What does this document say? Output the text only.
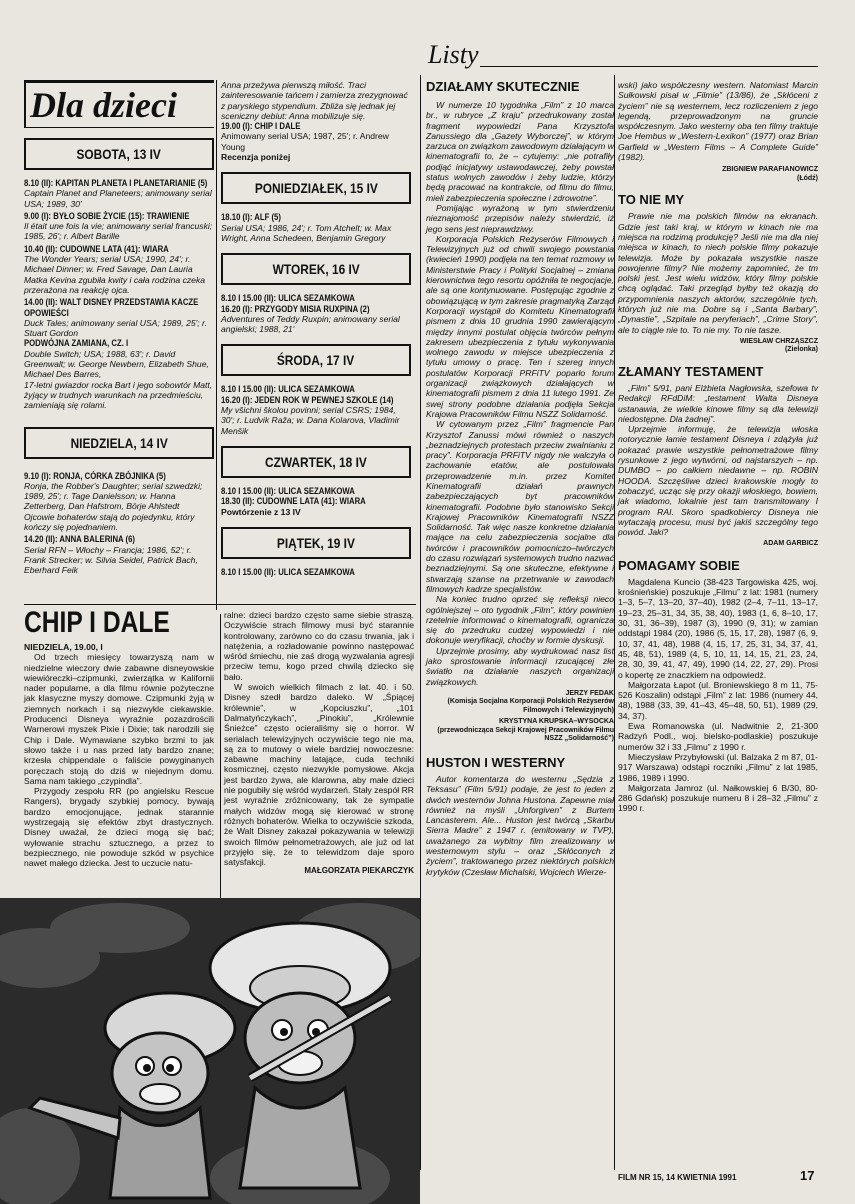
Listy
Dla dzieci
SOBOTA, 13 IV
8.10 (II): KAPITAN PLANETA I PLANETARIANIE (5)
Captain Planet and Planeteers; animowany serial USA; 1989, 30'
9.00 (I): BYŁO SOBIE ŻYCIE (15): TRAWIENIE
Il était une fois la vie; animowany serial francuski; 1985, 26'; r. Albert Barille
10.40 (II): CUDOWNE LATA (41): WIARA
The Wonder Years; serial USA; 1990, 24'; r. Michael Dinner; w. Fred Savage, Dan Lauria
Matka Kevina zgubiła kwity i cała rodzina czeka przerażona na reakcję ojca.
14.00 (II): WALT DISNEY PRZEDSTAWIA KACZE OPOWIEŚCI
Duck Tales; animowany serial USA; 1989, 25'; r. Stuart Gordon
PODWÓJNA ZAMIANA, CZ. I
Double Switch; USA; 1988, 63'; r. David Greenwalt; w. George Newbern, Elizabeth Shue, Michael Des Barres,
17-letni gwiazdor rocka Bart i jego sobowtór Matt, żyjący w trudnych warunkach na przedmieściu, zamieniają się rolami.
NIEDZIELA, 14 IV
9.10 (I): RONJA, CÓRKA ZBÓJNIKA (5)
Ronja, the Robber's Daughter; serial szwedzki; 1989, 25'; r. Tage Danielsson; w. Hanna Zetterberg, Dan Hafstrom, Börje Ahlstedt
Ojcowie bohaterów stają do pojedynku, który kończy się pojednaniem.
14.20 (II): ANNA BALERINA (6)
Serial RFN – Włochy – Francja; 1986, 52'; r. Frank Strecker; w. Silvia Seidel, Patrick Bach, Eberhard Feik
Anna przeżywa pierwszą miłość. Traci zainteresowanie tańcem i zamierza zrezygnować z paryskiego stypendium. Zbliża się jednak jej sceniczny debiut: Anna mobilizuje się.
19.00 (I): CHIP I DALE
Animowany serial USA; 1987, 25'; r. Andrew Young
Recenzja poniżej
PONIEDZIAŁEK, 15 IV
18.10 (I): ALF (5)
Serial USA; 1986, 24'; r. Tom Atchelt; w. Max Wright, Anna Schedeen, Benjamin Gregory
WTOREK, 16 IV
8.10 I 15.00 (II): ULICA SEZAMKOWA
16.20 (I): PRZYGODY MISIA RUXPINA (2)
Adventures of Teddy Ruxpin; animowany serial angielski; 1988, 21'
ŚRODA, 17 IV
8.10 I 15.00 (II): ULICA SEZAMKOWA
16.20 (I): JEDEN ROK W PEWNEJ SZKOLE (14)
My všichni školou povinni; serial CSRS; 1984, 30'; r. Ludvik Raža; w. Dana Kolarova, Vladimir Menšik
CZWARTEK, 18 IV
8.10 I 15.00 (II): ULICA SEZAMKOWA
18.30 (II): CUDOWNE LATA (41): WIARA
Powtórzenie z 13 IV
PIĄTEK, 19 IV
8.10 I 15.00 (II): ULICA SEZAMKOWA
CHIP I DALE
NIEDZIELA, 19.00, I

Od trzech miesięcy towarzyszą nam w niedzielne wieczory dwie zabawne disneyowskie wiewióreczki–czipmunki, zwierzątka w Kalifornii nader popularne, a dla filmu równie pożyteczne jak klasyczne myszy domowe. Czipmunki żyją w ziemnych norkach i są niezwykle ciekawskie. Producenci Disneya wyraźnie pozazdrościli Warnerowi myszek Pixie i Dixie; tak narodzili się Chip i Dale. Wymawiane szybko brzmi to jak słowo także i u nas przed laty bardzo znane; krzesła chippendale o faliście powyginanych poręczach stoją do dziś w niejednym domu. Sama nam takiego „czypindla”.

Przygody zespołu RR (po angielsku Rescue Rangers), brygady szybkiej pomocy, bywają bardzo emocjonujące, jednak starannie wystrzegają się efektów zbyt drastycznych. Disney uważał, że dzieci mogą się bać; wyłowanie strachu sztucznego, a przez to bezpiecznego, nie powoduje szkód w psychice nawet małego dziecka. Jest to uczucie natu-

ralne: dzieci bardzo często same siebie straszą. Oczywiście strach filmowy musi być starannie kontrolowany, zarówno co do czasu trwania, jak i natężenia, a rozładowanie powinno następować wśród śmiechu, nie zaś drogą wyzwalania agresji przeciw temu, kogo przed chwilą dziecko się bało.

W swoich wielkich filmach z lat. 40. i 50. Disney szedł bardzo daleko. W „Śpiącej królewnie”, w „Kopciuszku”, „101 Dalmatyńczykach”, „Pinokiu”, „Królewnie Śnieżce” często ocieraliśmy się o horror. W serialach telewizyjnych oczywiście tego nie ma, są za to mutowy o wiele bardziej nowoczesne: zabawne machiny latające, cuda techniki kosmicznej, często niezwykle pomysłowe. Akcja jest bardzo żywa, ale klarowna, aby małe dzieci nie pogubiły się wśród wydarzeń. Stały zespół RR jest wyraźnie zróżnicowany, tak że sympatie małych widzów mogą się kierować w stronę różnych bohaterów. Wielka to oczywiście szkoda, że Walt Disney zakazał pokazywania w telewizji swoich filmów pełnometrażowych, ale już od lat przyjęło się, że to telewidzom daje sporo satysfakcji.

MAŁGORZATA PIEKARCZYK
DZIAŁAMY SKUTECZNIE

W numerze 10 tygodnika „Film” z 10 marca br., w rubryce „Z kraju” przedrukowany został fragment wypowiedzi Pana Krzysztofa Zanussiego dla „Gazety Wyborczej”, w którym zarzuca on związkom zawodowym działającym w kinematografii to, że – cytujemy: „nie potrafiły podjąć inicjatywy ustawodawczej, żeby powstał status wolnych zawodów i żeby ludzie, którzy będą pracować na kontrakcie, od filmu do filmu, mieli zabezpieczenia społeczne i zdrowotne”.

Pomijając wyrażoną w tym stwierdzeniu nieznajomość przepisów należy stwierdzić, iż jego sens jest nieprawdziwy.

Korporacja Polskich Reżyserów Filmowych i Telewizyjnych już od chwili swojego powstania (kwiecień 1990) podjęła na ten temat rozmowy w Ministerstwie Pracy i Polityki Socjalnej – zmiana kierownictwa tego resortu opóźniła te negocjacje, ale są one kontynuowane. Postępując zgodnie z obowiązującą w tym zakresie pragmatyką Zarząd Korporacji wystąpił do Komitetu Kinematografii pismem z dnia 10 grudnia 1990 zawierającym między innymi postulat objęcia twórców pełnym zakresem ubezpieczenia z tytułu wykonywania wolnego zawodu w miejsce ubezpieczenia z tytułu umowy o pracę. Ten i szereg innych postulatów Korporacji PRFiTV poparło forum organizacji związkowych działających w kinematografii pismem z dnia 11 lutego 1991. Ze swej strony podobne działania podjęła Sekcja Krajowa Pracowników Filmu NSZZ Solidarność.

W cytowanym przez „Film” fragmencie Pan Krzysztof Zanussi mówi również o naszych „beznadziejnych protestach przeciw zwalnianiu z pracy”. Korporacja PRFiTV nigdy nie walczyła o zachowanie etatów, ale postulowała przeprowadzenie m.in. przez Komitet Kinematografii działań prawnych zabezpieczających byt pracowników kinematografii. Podobne było stanowisko Sekcji Krajowej Pracowników Kinematografii NSZZ Solidarność. Tak więc nasze konkretne działania mające na celu zabezpieczenia socjalne dla twórców i pracowników pomocniczo–twórczych do czasu rozwiązań systemowych trudno nazwać beznadziejnymi. Są one skuteczne, efektywne i stwarzają szanse na przetrwanie w zawodach filmowych kadrze specjalistów.

Na koniec trudno oprzeć się refleksji nieco ogólniejszej – oto tygodnik „Film”, który powinien rzetelnie informować o kinematografii, ogranicza się do przedruku cudzej wypowiedzi i nie dokonuje weryfikacji, choćby w formie dyskusji.

Uprzejmie prosimy, aby wydrukować nasz list jako sprostowanie informacji rzucającej złe światło na działanie naszych organizacji związkowych.

JERZY FEDAK
(Komisja Socjalna Korporacji Polskich Reżyserów Filmowych i Telewizyjnych)
KRYSTYNA KRUPSKA–WYSOCKA
(przewodnicząca Sekcji Krajowej Pracowników Filmu NSZZ „Solidarność”)
HUSTON I WESTERNY

Autor komentarza do westernu „Sędzia z Teksasu” (Film 5/91) podaje, że jest to jeden z dwóch westernów Johna Hustona. Zapewne miał również na myśli „Unforgiven” z Burtem Lancasterem. Ale... Huston jest twórcą „Skarbu Sierra Madre” z 1947 r. (emitowany w TVP), uważanego za wybitny film zrealizowany w westernowym stylu – oraz „Skłóconych z życiem”, traktowanego przez niektórych polskich krytyków (Czesław Michalski, Wojciech Wierze-

wski) jako współczesny western. Natomiast Marcin Sułkowski pisał w „Filmie” (13/86), że „Skłóceni z życiem” nie są westernem, lecz rozliczeniem z jego legendą, przeprowadzonym na gruncie współczesnym. Jako westerny oba ten filmy traktuje Joe Hembus w „Western-Lexikon” (1977) oraz Brian Garfield w „Western Films – A Complete Guide” (1982).

ZBIGNIEW PARAFIANOWICZ
(Łódź)
TO NIE MY

Prawie nie ma polskich filmów na ekranach. Gdzie jest taki kraj, w którym w kinach nie ma miejsca na rodzimą produkcję? Jeśli nie ma dla niej miejsca w kinach, to niech polskie filmy pokazuje telewizja. Może by pokazała wszystkie nasze powojenne filmy? Nie możemy zapomnieć, że tm polski jest. Jest wielu widzów, który filmy polskie chcą oglądać. Taki przegląd byłby też okazją do przypomnienia naszych aktorów, szczególnie tych, których już nie ma. Dobre są i „Santa Barbary”, „Dynastie”, „Szpitale na peryferiach”, „Crime Story”, ale to ciągle nie to. To nie my. To nie tasze.

WIESŁAW CHRZĄSZCZ
(Zielonka)
ZŁAMANY TESTAMENT

„Film” 5/91, pani Elżbieta Nagłowska, szefowa tv Redakcji RFdDiM: „testament Walta Disneya ustanawia, że wielkie kinowe filmy są dla telewizji niedostępne. Dla żadnej”.

Uprzejmie informuję, że telewizja włoska notorycznie łamie testament Disneya i zdążyła już pokazać prawie wszystkie pełnometrażowe filmy rysunkowe z jego wytwórni, od najstarszych – np. DUMBO – po całkiem niedawne – np. ROBIN HOODA. Szczęśliwe dzieci krakowskie mogły to zobaczyć, ucząc się przy okazji włoskiego, bowiem, jak wiadomo, lokalnie jest tam transmitowany I program RAI. Skoro spadkobiercy Disneya nie wytaczają procesu, musi być jakiś szczególny tego powód. Jaki?

ADAM GARBICZ
POMAGAMY SOBIE

Magdalena Kuncio (38-423 Targowiska 425, woj. krośnieńskie) poszukuje „Filmu” z lat: 1981 (numery 1–3, 5–7, 13–20, 37–40), 1982 (2–4, 7–11, 13–17, 19–23, 25–31, 34, 35, 38, 40), 1983 (1, 6, 8–10, 17, 30, 31, 36–39), 1987 (3), 1990 (9, 31); w zamian oddstąpi 1984 (20), 1986 (5, 15, 17, 28), 1987 (6, 9, 10, 37, 41, 48), 1988 (4, 15, 17, 25, 31, 34, 37, 41, 45, 48, 51), 1989 (4, 5, 10, 11, 14, 15, 21, 23, 24, 28, 30, 39, 41, 47, 49), 1990 (14, 22, 27, 29). Prosi o kopertę ze znaczkiem na odpowiedź.

Małgorzata Łapot (ul. Broniewskiego 8 m 11, 75-526 Koszalin) odstąpi „Film” z lat: 1986 (numery 44, 48), 1988 (33, 39, 41–43, 45–48, 50, 51), 1989 (29, 34, 37).

Ewa Romanowska (ul. Nadwitnie 2, 21-300 Radzyń Podl., woj. bielsko-podlaskie) poszukuje numerów 32 i 33 „Filmu” z 1990 r.

Mieczysław Przybyłowski (ul. Balzaka 2 m 87, 01-917 Warszawa) odstąpi roczniki „Filmu” z lat 1985, 1986, 1989 i 1990.

Małgorzata Jamroz (ul. Nałkowskiej 6 B/30, 80-286 Gdańsk) poszukuje numeru 8 i 28–32 „Filmu” z 1990 r.

FILM NR 15, 14 KWIETNIA 1991	17
